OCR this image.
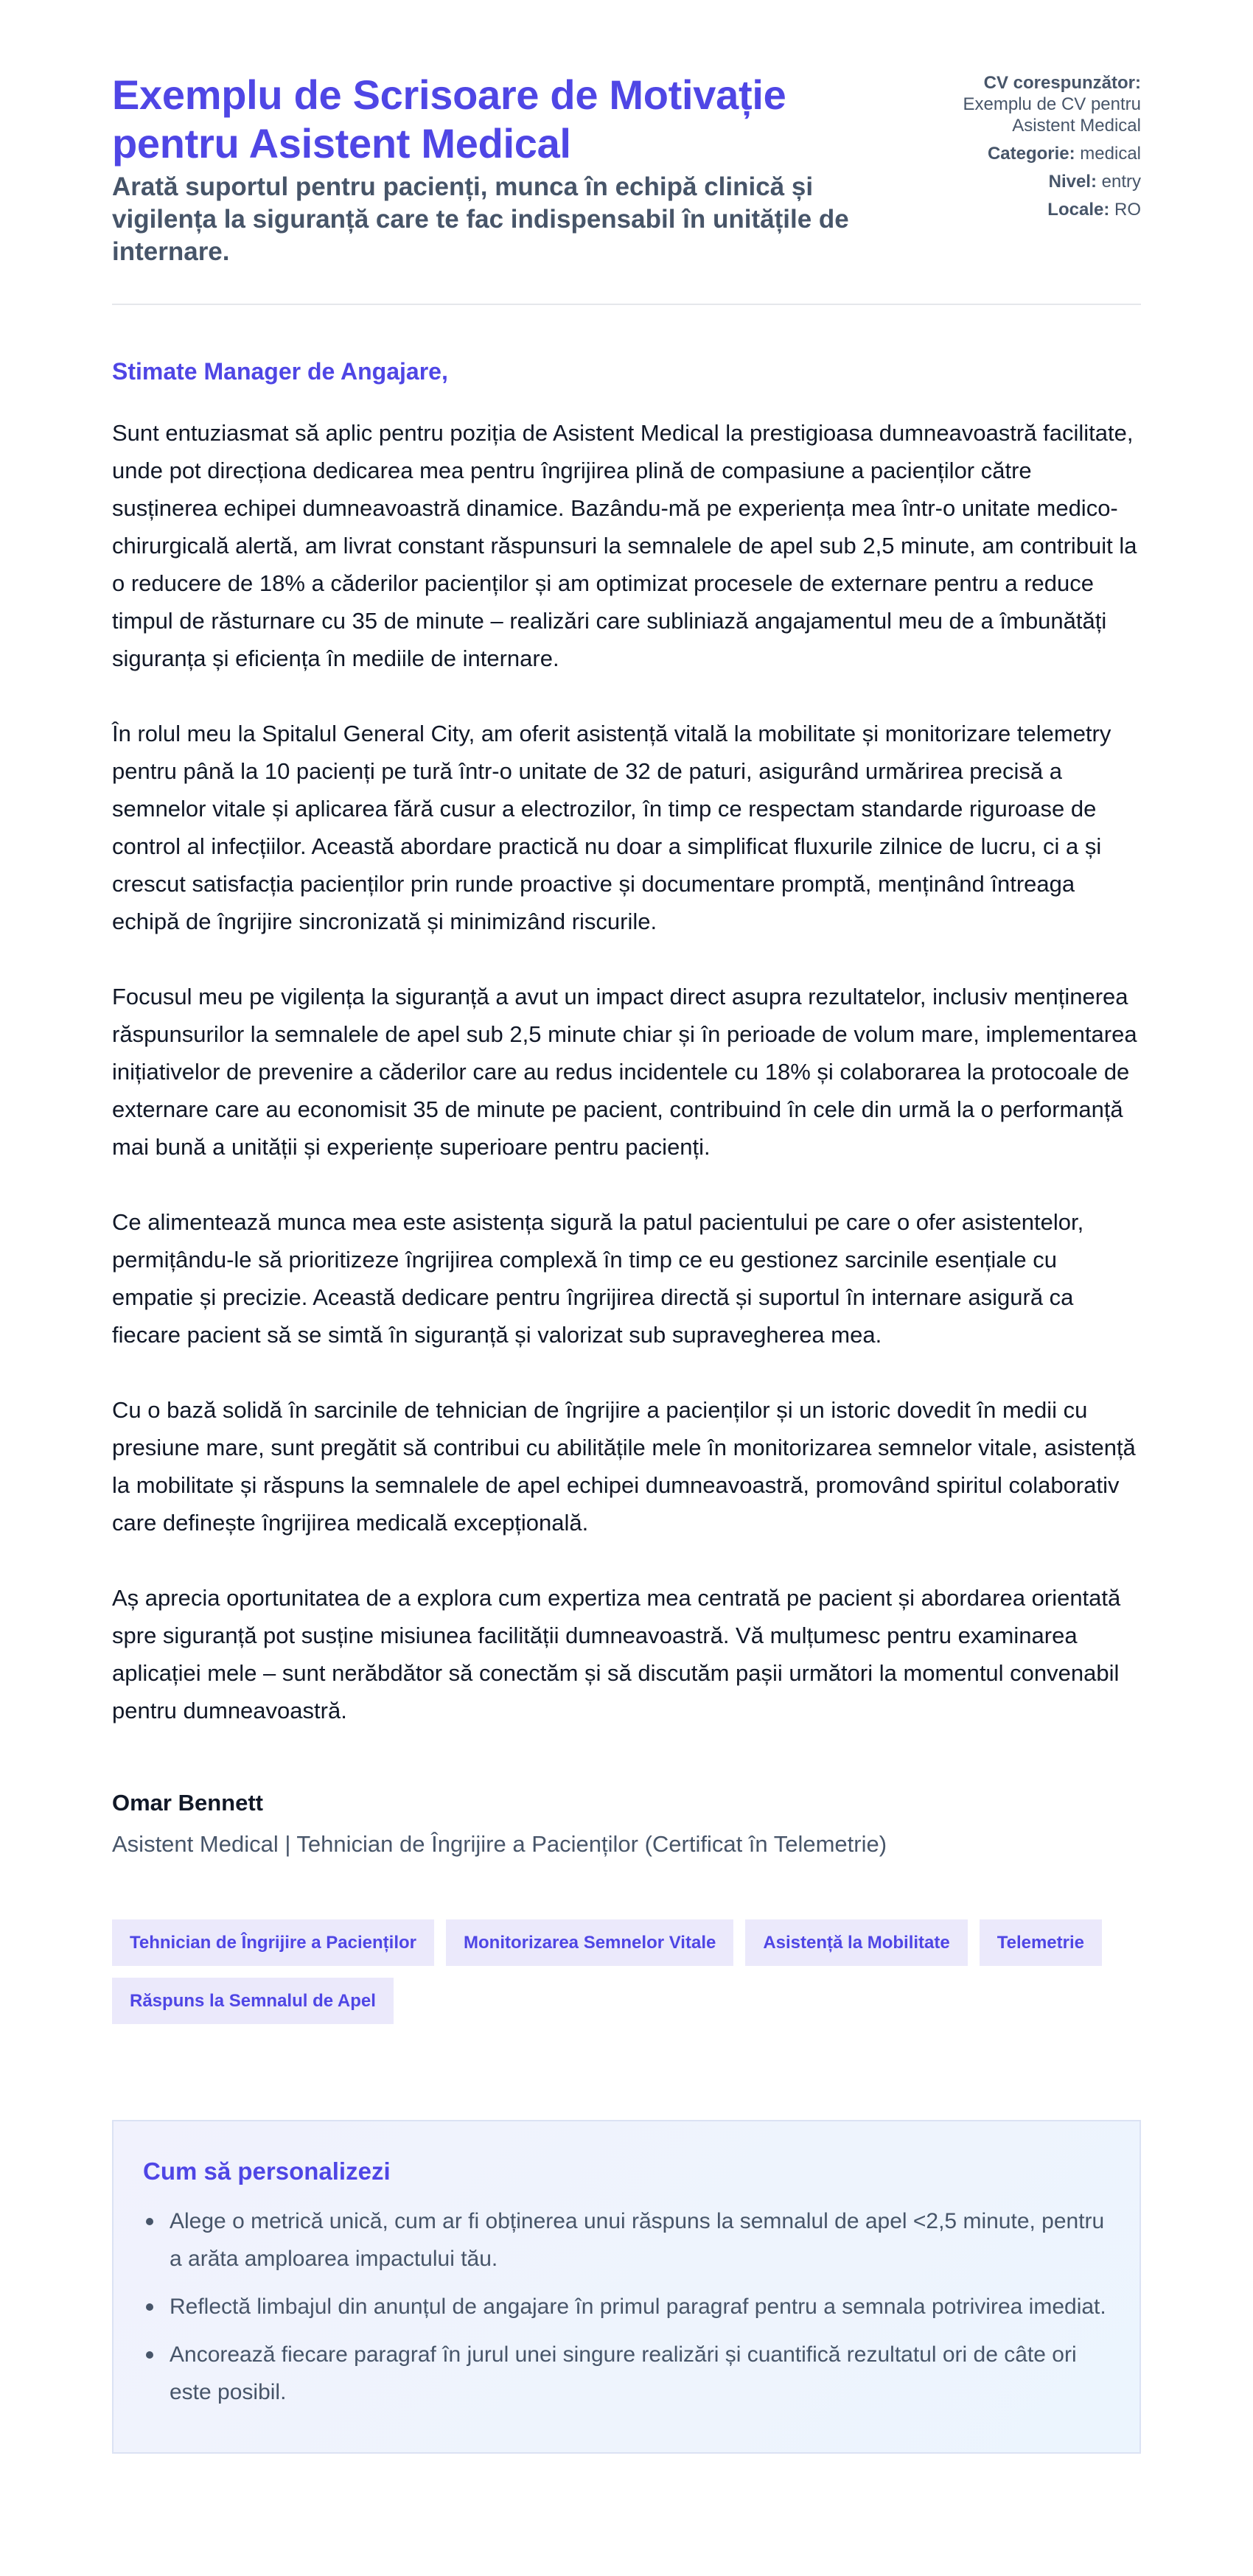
Exemplu de Scrisoare de Motivație pentru Asistent Medical

Arată suportul pentru pacienți, munca în echipă clinică și vigilența la siguranță care te fac indispensabil în unitățile de internare.

CV corespunzător:
Exemplu de CV pentru Asistent Medical
Categorie: medical
Nivel: entry
Locale: RO

Stimate Manager de Angajare,

Sunt entuziasmat să aplic pentru poziția de Asistent Medical la prestigioasa dumneavoastră facilitate, unde pot direcționa dedicarea mea pentru îngrijirea plină de compasiune a pacienților către susținerea echipei dumneavoastră dinamice. Bazându-mă pe experiența mea într-o unitate medico-chirurgicală alertă, am livrat constant răspunsuri la semnalele de apel sub 2,5 minute, am contribuit la o reducere de 18% a căderilor pacienților și am optimizat procesele de externare pentru a reduce timpul de răsturnare cu 35 de minute – realizări care subliniază angajamentul meu de a îmbunătăți siguranța și eficiența în mediile de internare.

În rolul meu la Spitalul General City, am oferit asistență vitală la mobilitate și monitorizare telemetry pentru până la 10 pacienți pe tură într-o unitate de 32 de paturi, asigurând urmărirea precisă a semnelor vitale și aplicarea fără cusur a electrozilor, în timp ce respectam standarde riguroase de control al infecțiilor. Această abordare practică nu doar a simplificat fluxurile zilnice de lucru, ci a și crescut satisfacția pacienților prin runde proactive și documentare promptă, menținând întreaga echipă de îngrijire sincronizată și minimizând riscurile.

Focusul meu pe vigilența la siguranță a avut un impact direct asupra rezultatelor, inclusiv menținerea răspunsurilor la semnalele de apel sub 2,5 minute chiar și în perioade de volum mare, implementarea inițiativelor de prevenire a căderilor care au redus incidentele cu 18% și colaborarea la protocoale de externare care au economisit 35 de minute pe pacient, contribuind în cele din urmă la o performanță mai bună a unității și experiențe superioare pentru pacienți.

Ce alimentează munca mea este asistența sigură la patul pacientului pe care o ofer asistentelor, permițându-le să prioritizeze îngrijirea complexă în timp ce eu gestionez sarcinile esențiale cu empatie și precizie. Această dedicare pentru îngrijirea directă și suportul în internare asigură ca fiecare pacient să se simtă în siguranță și valorizat sub supravegherea mea.

Cu o bază solidă în sarcinile de tehnician de îngrijire a pacienților și un istoric dovedit în medii cu presiune mare, sunt pregătit să contribui cu abilitățile mele în monitorizarea semnelor vitale, asistență la mobilitate și răspuns la semnalele de apel echipei dumneavoastră, promovând spiritul colaborativ care definește îngrijirea medicală excepțională.

Aș aprecia oportunitatea de a explora cum expertiza mea centrată pe pacient și abordarea orientată spre siguranță pot susține misiunea facilității dumneavoastră. Vă mulțumesc pentru examinarea aplicației mele – sunt nerăbdător să conectăm și să discutăm pașii următori la momentul convenabil pentru dumneavoastră.

Omar Bennett

Asistent Medical | Tehnician de Îngrijire a Pacienților (Certificat în Telemetrie)

Tehnician de Îngrijire a Pacienților	Monitorizarea Semnelor Vitale	Asistență la Mobilitate	Telemetrie
Răspuns la Semnalul de Apel
Cum să personalizezi
Alege o metrică unică, cum ar fi obținerea unui răspuns la semnalul de apel <2,5 minute, pentru a arăta amploarea impactului tău.
Reflectă limbajul din anunțul de angajare în primul paragraf pentru a semnala potrivirea imediat.
Ancorează fiecare paragraf în jurul unei singure realizări și cuantifică rezultatul ori de câte ori este posibil.
